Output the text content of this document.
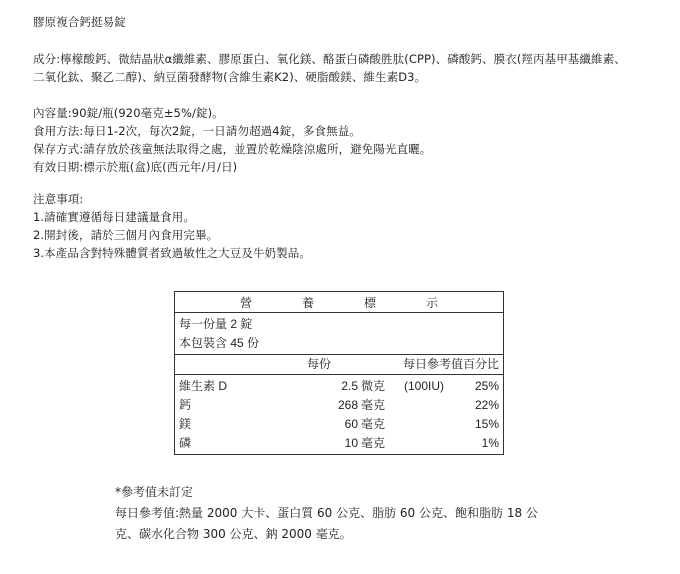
膠原複合鈣挺易錠
成分:檸檬酸鈣、微結晶狀α纖維素、膠原蛋白、氧化鎂、酪蛋白磷酸胜肽(CPP)、磷酸鈣、膜衣(羥丙基甲基纖維素、
二氧化鈦、聚乙二醇)、納豆菌發酵物(含維生素K2)、硬脂酸鎂、維生素D3。
內容量:90錠/瓶(920毫克±5%/錠)。
食用方法:每日1-2次，每次2錠，一日請勿超過4錠，多食無益。
保存方式:請存放於孩童無法取得之處，並置於乾燥陰涼處所，避免陽光直曬。
有效日期:標示於瓶(盒)底(西元年/月/日)
注意事項:
1.請確實遵循每日建議量食用。
2.開封後，請於三個月內食用完畢。
3.本產品含對特殊體質者致過敏性之大豆及牛奶製品。
營	養	標	示
每一份量 2 錠
本包裝含 45 份
每份	每日參考值百分比
維生素 D	2.5 微克 (100IU)	25%
鈣	268 毫克	22%
鎂	60 毫克	15%
磷	10 毫克	1%
*參考值未訂定
每日參考值:熱量 2000 大卡、蛋白質 60 公克、脂肪 60 公克、飽和脂肪 18 公
克、碳水化合物 300 公克、鈉 2000 毫克。
